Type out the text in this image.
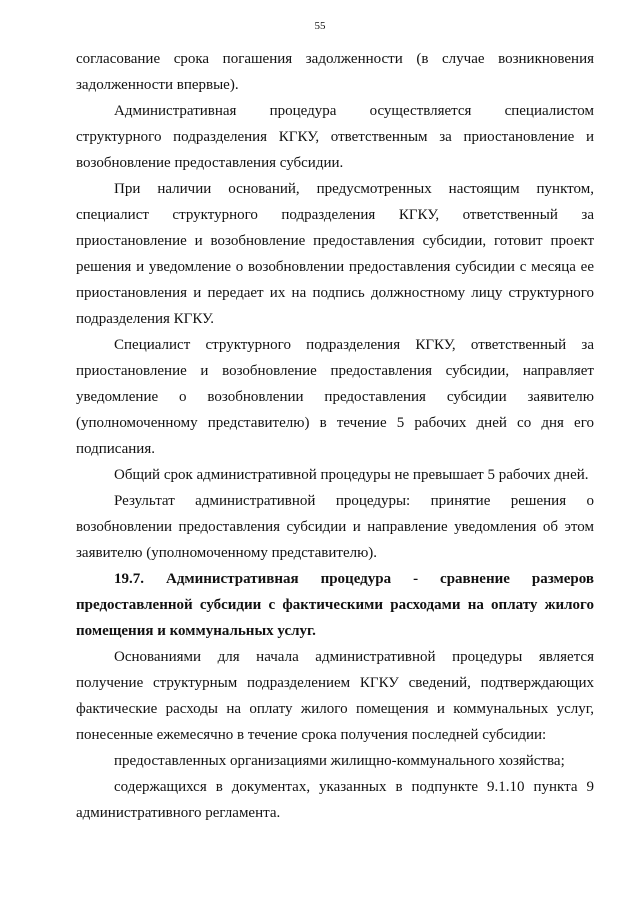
55

согласование срока погашения задолженности (в случае возникновения задолженности впервые).

Административная процедура осуществляется специалистом структурного подразделения КГКУ, ответственным за приостановление и возобновление предоставления субсидии.

При наличии оснований, предусмотренных настоящим пунктом, специалист структурного подразделения КГКУ, ответственный за приостановление и возобновление предоставления субсидии, готовит проект решения и уведомление о возобновлении предоставления субсидии с месяца ее приостановления и передает их на подпись должностному лицу структурного подразделения КГКУ.

Специалист структурного подразделения КГКУ, ответственный за приостановление и возобновление предоставления субсидии, направляет уведомление о возобновлении предоставления субсидии заявителю (уполномоченному представителю) в течение 5 рабочих дней со дня его подписания.

Общий срок административной процедуры не превышает 5 рабочих дней.

Результат административной процедуры: принятие решения о возобновлении предоставления субсидии и направление уведомления об этом заявителю (уполномоченному представителю).

19.7. Административная процедура - сравнение размеров предоставленной субсидии с фактическими расходами на оплату жилого помещения и коммунальных услуг.

Основаниями для начала административной процедуры является получение структурным подразделением КГКУ сведений, подтверждающих фактические расходы на оплату жилого помещения и коммунальных услуг, понесенные ежемесячно в течение срока получения последней субсидии:

предоставленных организациями жилищно-коммунального хозяйства;

содержащихся в документах, указанных в подпункте 9.1.10 пункта 9 административного регламента.
